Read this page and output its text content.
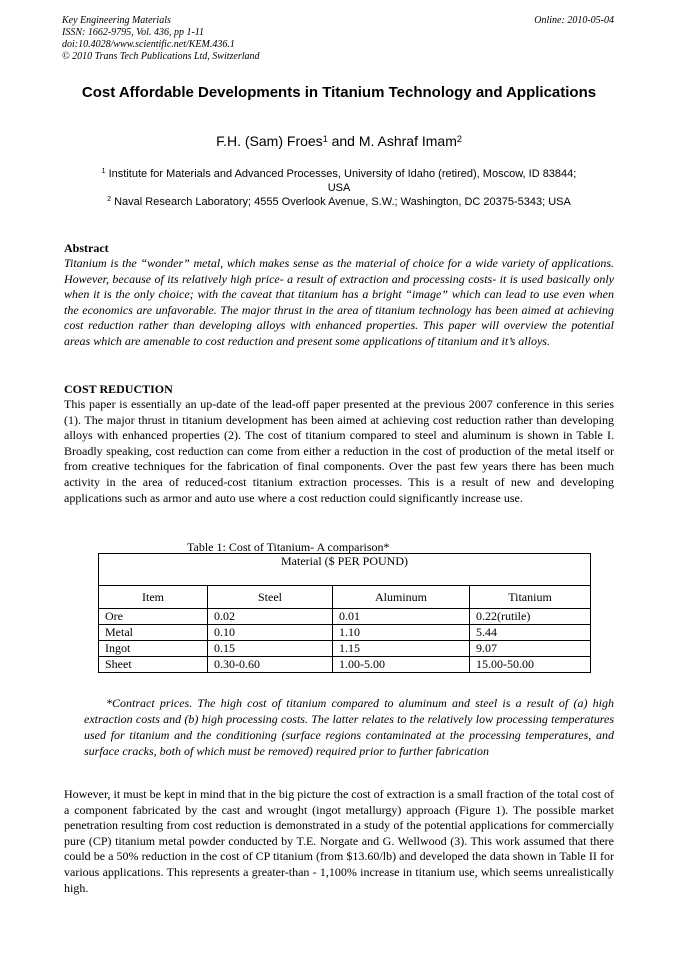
Key Engineering Materials
ISSN: 1662-9795, Vol. 436, pp 1-11
doi:10.4028/www.scientific.net/KEM.436.1
© 2010 Trans Tech Publications Ltd, Switzerland
Online: 2010-05-04
Cost Affordable Developments in Titanium Technology and Applications
F.H. (Sam) Froes$^1$ and M. Ashraf Imam$^2$
$^1$ Institute for Materials and Advanced Processes, University of Idaho (retired), Moscow, ID 83844; USA
$^2$ Naval Research Laboratory; 4555 Overlook Avenue, S.W.; Washington, DC 20375-5343; USA
Abstract
Titanium is the “wonder” metal, which makes sense as the material of choice for a wide variety of applications. However, because of its relatively high price- a result of extraction and processing costs- it is used basically only when it is the only choice; with the caveat that titanium has a bright “image” which can lead to use even when the economics are unfavorable. The major thrust in the area of titanium technology has been aimed at achieving cost reduction rather than developing alloys with enhanced properties. This paper will overview the potential areas which are amenable to cost reduction and present some applications of titanium and it’s alloys.
COST REDUCTION
This paper is essentially an up-date of the lead-off paper presented at the previous 2007 conference in this series (1). The major thrust in titanium development has been aimed at achieving cost reduction rather than developing alloys with enhanced properties (2). The cost of titanium compared to steel and aluminum is shown in Table I. Broadly speaking, cost reduction can come from either a reduction in the cost of production of the metal itself or from creative techniques for the fabrication of final components. Over the past few years there has been much activity in the area of reduced-cost titanium extraction processes. This is a result of new and developing applications such as armor and auto use where a cost reduction could significantly increase use.
Table 1: Cost of Titanium- A comparison*
Material ($ PER POUND)			
Item	Steel	Aluminum	Titanium
Ore	0.02	0.01	0.22(rutile)
Metal	0.10	1.10	5.44
Ingot	0.15	1.15	9.07
Sheet	0.30-0.60	1.00-5.00	15.00-50.00
*Contract prices. The high cost of titanium compared to aluminum and steel is a result of (a) high extraction costs and (b) high processing costs. The latter relates to the relatively low processing temperatures used for titanium and the conditioning (surface regions contaminated at the processing temperatures, and surface cracks, both of which must be removed) required prior to further fabrication
However, it must be kept in mind that in the big picture the cost of extraction is a small fraction of the total cost of a component fabricated by the cast and wrought (ingot metallurgy) approach (Figure 1). The possible market penetration resulting from cost reduction is demonstrated in a study of the potential applications for commercially pure (CP) titanium metal powder conducted by T.E. Norgate and G. Wellwood (3). This work assumed that there could be a 50% reduction in the cost of CP titanium (from $13.60/lb) and developed the data shown in Table II for various applications. This represents a greater-than - 1,100% increase in titanium use, which seems unrealistically high.
